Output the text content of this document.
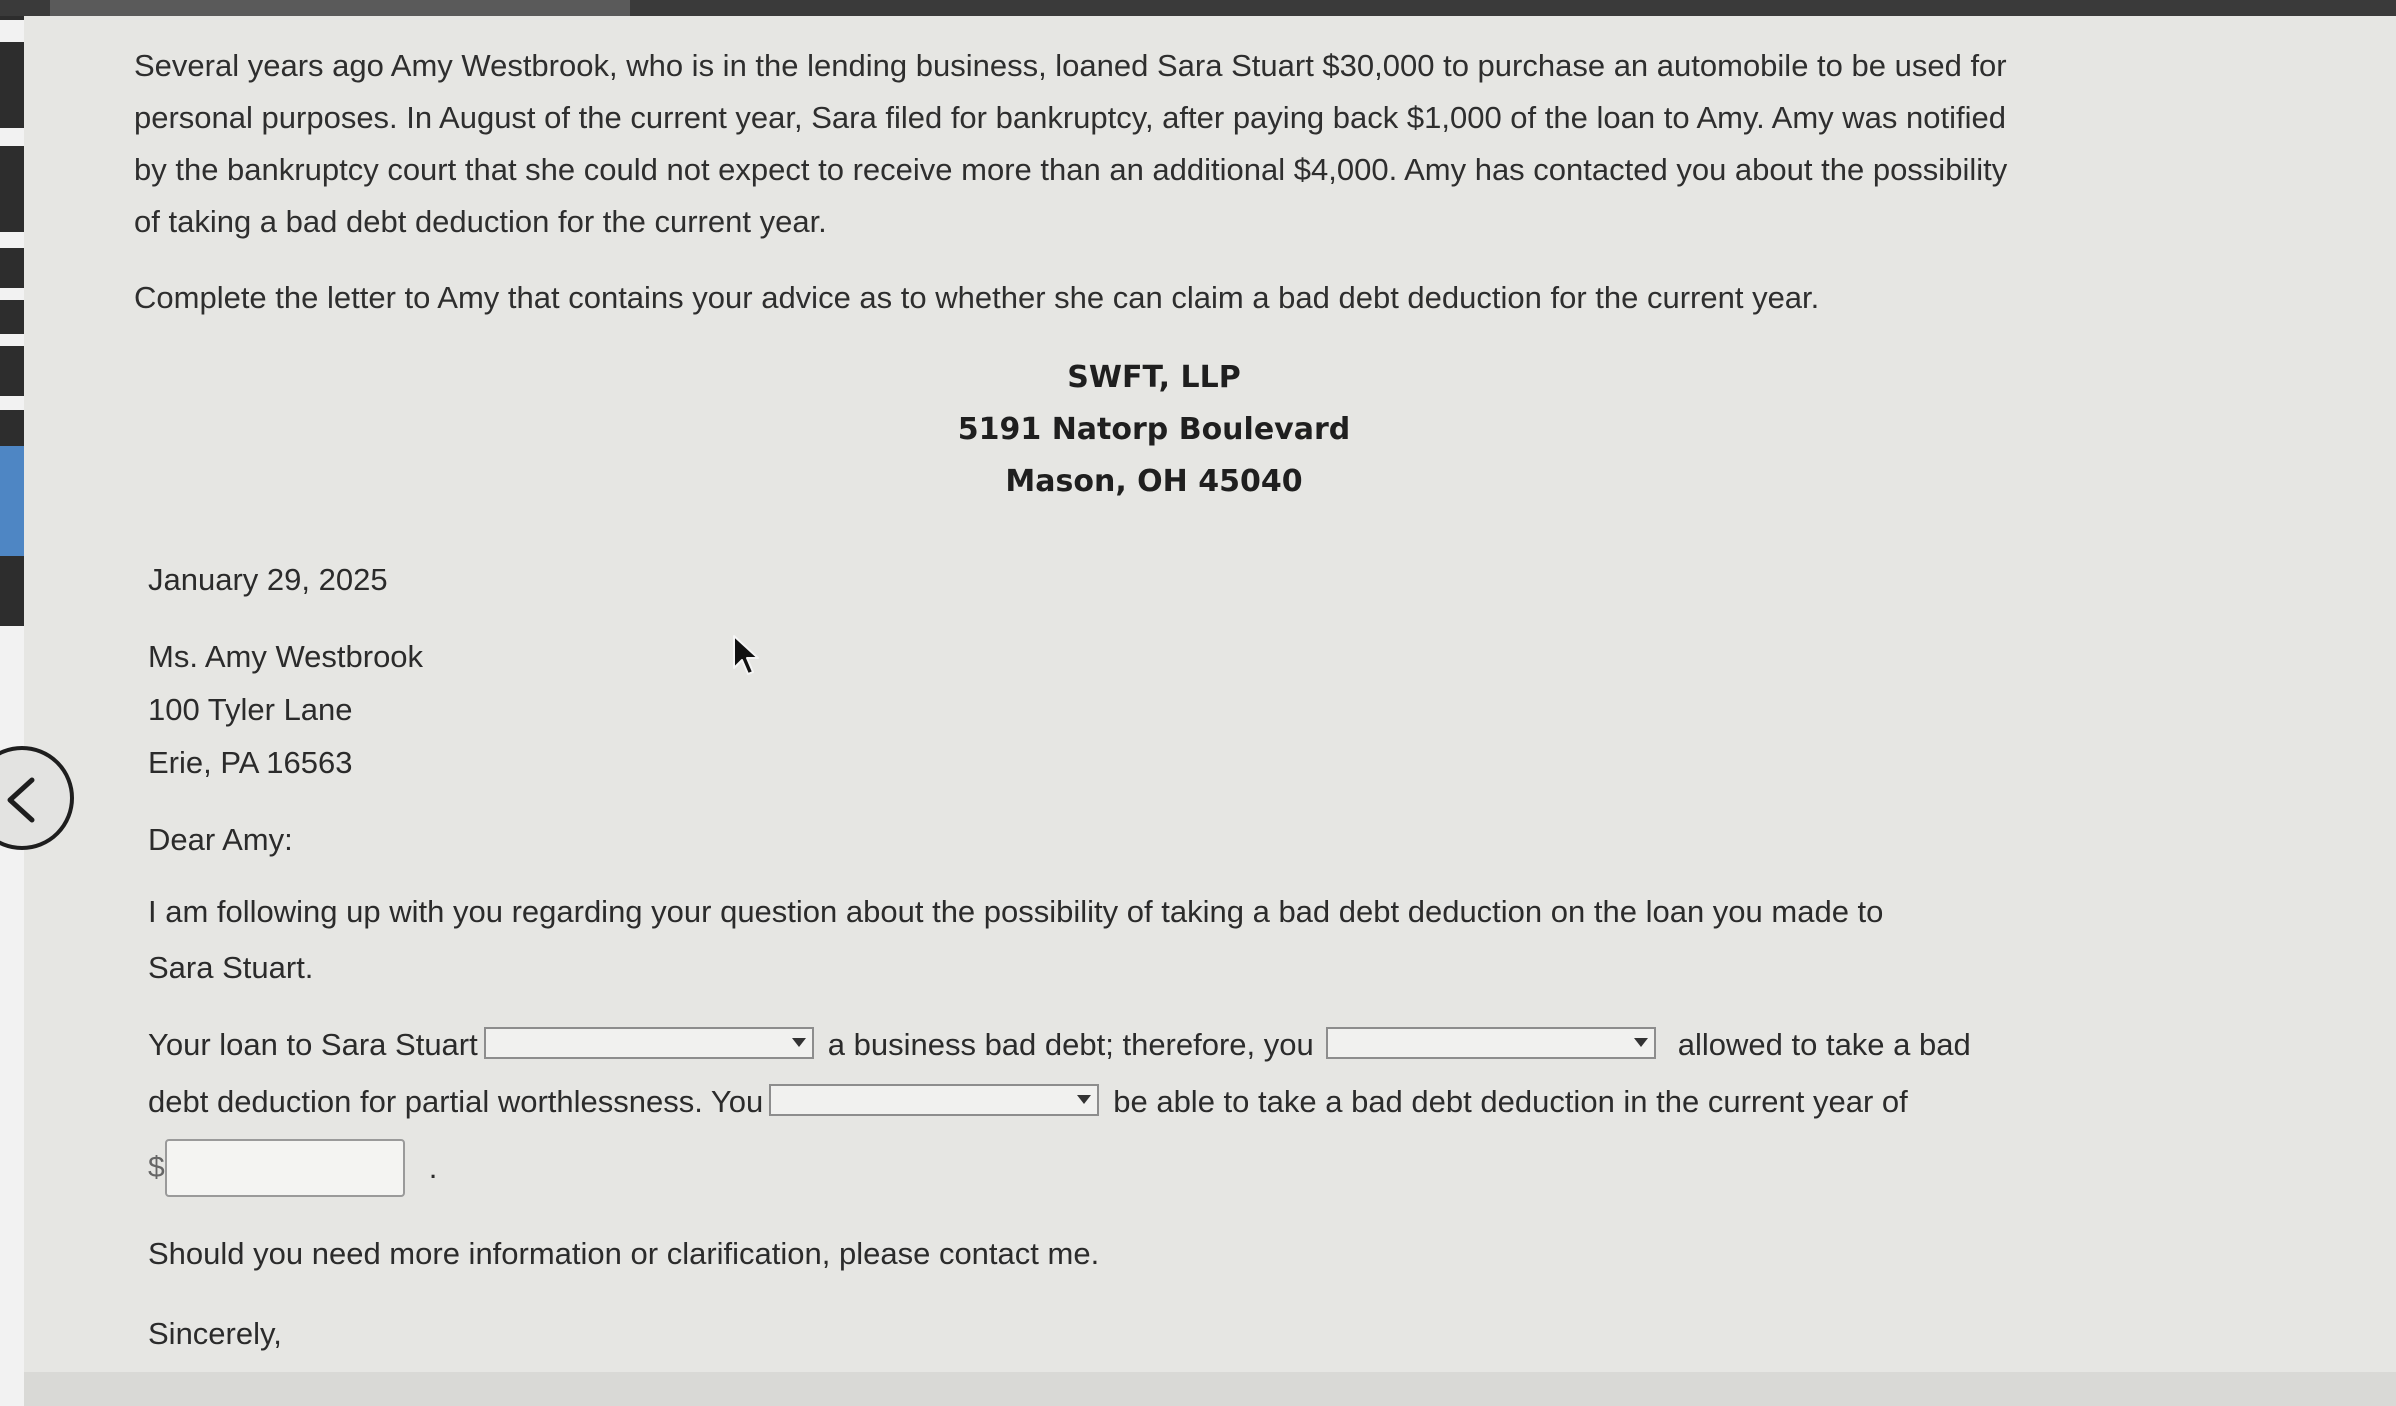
Several years ago Amy Westbrook, who is in the lending business, loaned Sara Stuart $30,000 to purchase an automobile to be used for
personal purposes. In August of the current year, Sara filed for bankruptcy, after paying back $1,000 of the loan to Amy. Amy was notified
by the bankruptcy court that she could not expect to receive more than an additional $4,000. Amy has contacted you about the possibility
of taking a bad debt deduction for the current year.
Complete the letter to Amy that contains your advice as to whether she can claim a bad debt deduction for the current year.
SWFT, LLP
5191 Natorp Boulevard
Mason, OH 45040
January 29, 2025
Ms. Amy Westbrook
100 Tyler Lane
Erie, PA 16563
Dear Amy:
I am following up with you regarding your question about the possibility of taking a bad debt deduction on the loan you made to
Sara Stuart.
Your loan to Sara Stuart	a business bad debt; therefore, you	allowed to take a bad
debt deduction for partial worthlessness. You	be able to take a bad debt deduction in the current year of
$	.
Should you need more information or clarification, please contact me.
Sincerely,
